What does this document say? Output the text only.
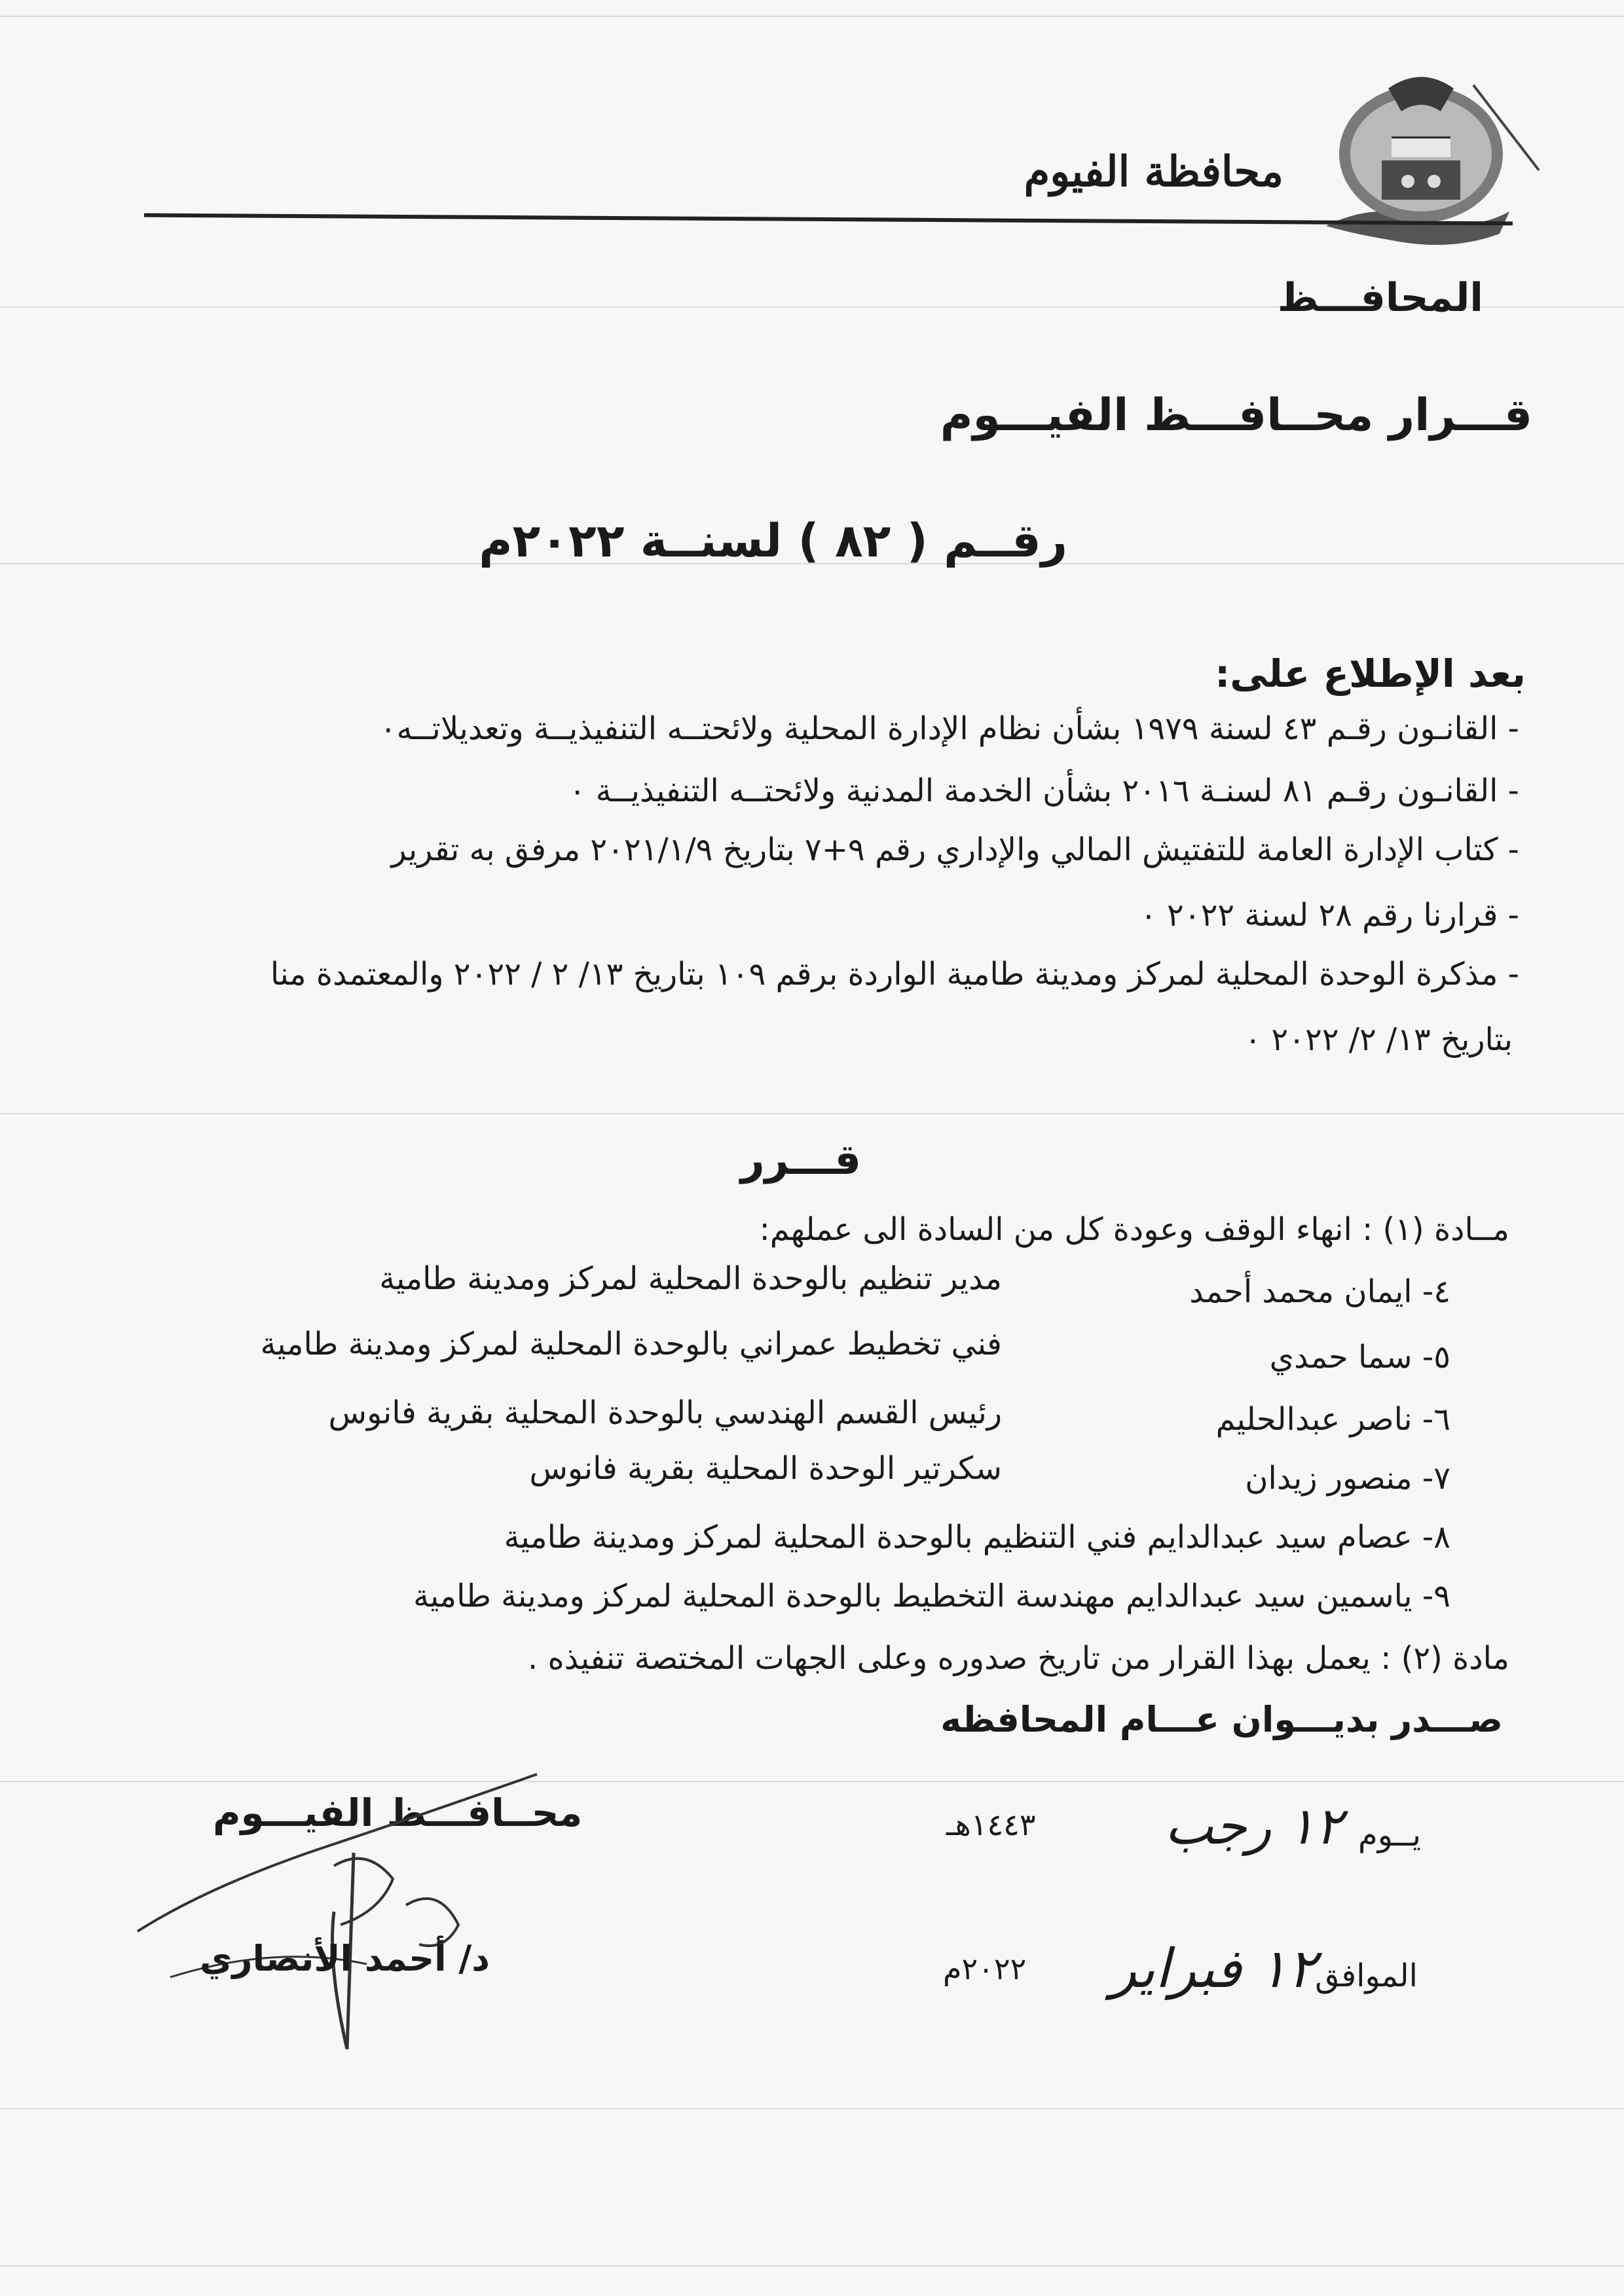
محافظة الفيوم
المحافـــظ
قـــرار محــافـــظ الفيـــوم
رقــم ( ٨٢ ) لسنــة ٢٠٢٢م
بعد الإطلاع على:
- القانـون رقـم ٤٣ لسنة ١٩٧٩ بشأن نظام الإدارة المحلية ولائحتــه التنفيذيــة وتعديلاتــه٠
- القانـون رقـم ٨١ لسنـة ٢٠١٦ بشأن الخدمة المدنية ولائحتــه التنفيذيــة ٠
- كتاب الإدارة العامة للتفتيش المالي والإداري رقم ٩+٧ بتاريخ ٢٠٢١/١/٩ مرفق به تقرير
- قرارنا رقم ٢٨ لسنة ٢٠٢٢ ٠
- مذكرة الوحدة المحلية لمركز ومدينة طامية الواردة برقم ١٠٩ بتاريخ ١٣/ ٢ / ٢٠٢٢ والمعتمدة منا
بتاريخ ١٣/ ٢/ ٢٠٢٢ ٠
قـــرر
مــادة (١) : انهاء الوقف وعودة كل من السادة الى عملهم:
٤- ايمان محمد أحمد
مدير تنظيم بالوحدة المحلية لمركز ومدينة طامية
٥- سما حمدي
فني تخطيط عمراني بالوحدة المحلية لمركز ومدينة طامية
٦- ناصر عبدالحليم
رئيس القسم الهندسي بالوحدة المحلية بقرية فانوس
٧- منصور زيدان
سكرتير الوحدة المحلية بقرية فانوس
٨- عصام سيد عبدالدايم فني التنظيم بالوحدة المحلية لمركز ومدينة طامية
٩- ياسمين سيد عبدالدايم مهندسة التخطيط بالوحدة المحلية لمركز ومدينة طامية
مادة (٢) : يعمل بهذا القرار من تاريخ صدوره وعلى الجهات المختصة تنفيذه .
صـــدر بديـــوان عـــام المحافظه
يــوم
١٢ رجب
١٤٤٣هـ
الموافق
١٢ فبراير
٢٠٢٢م
محــافـــظ الفيـــوم
د/ أحمد الأنصاري
